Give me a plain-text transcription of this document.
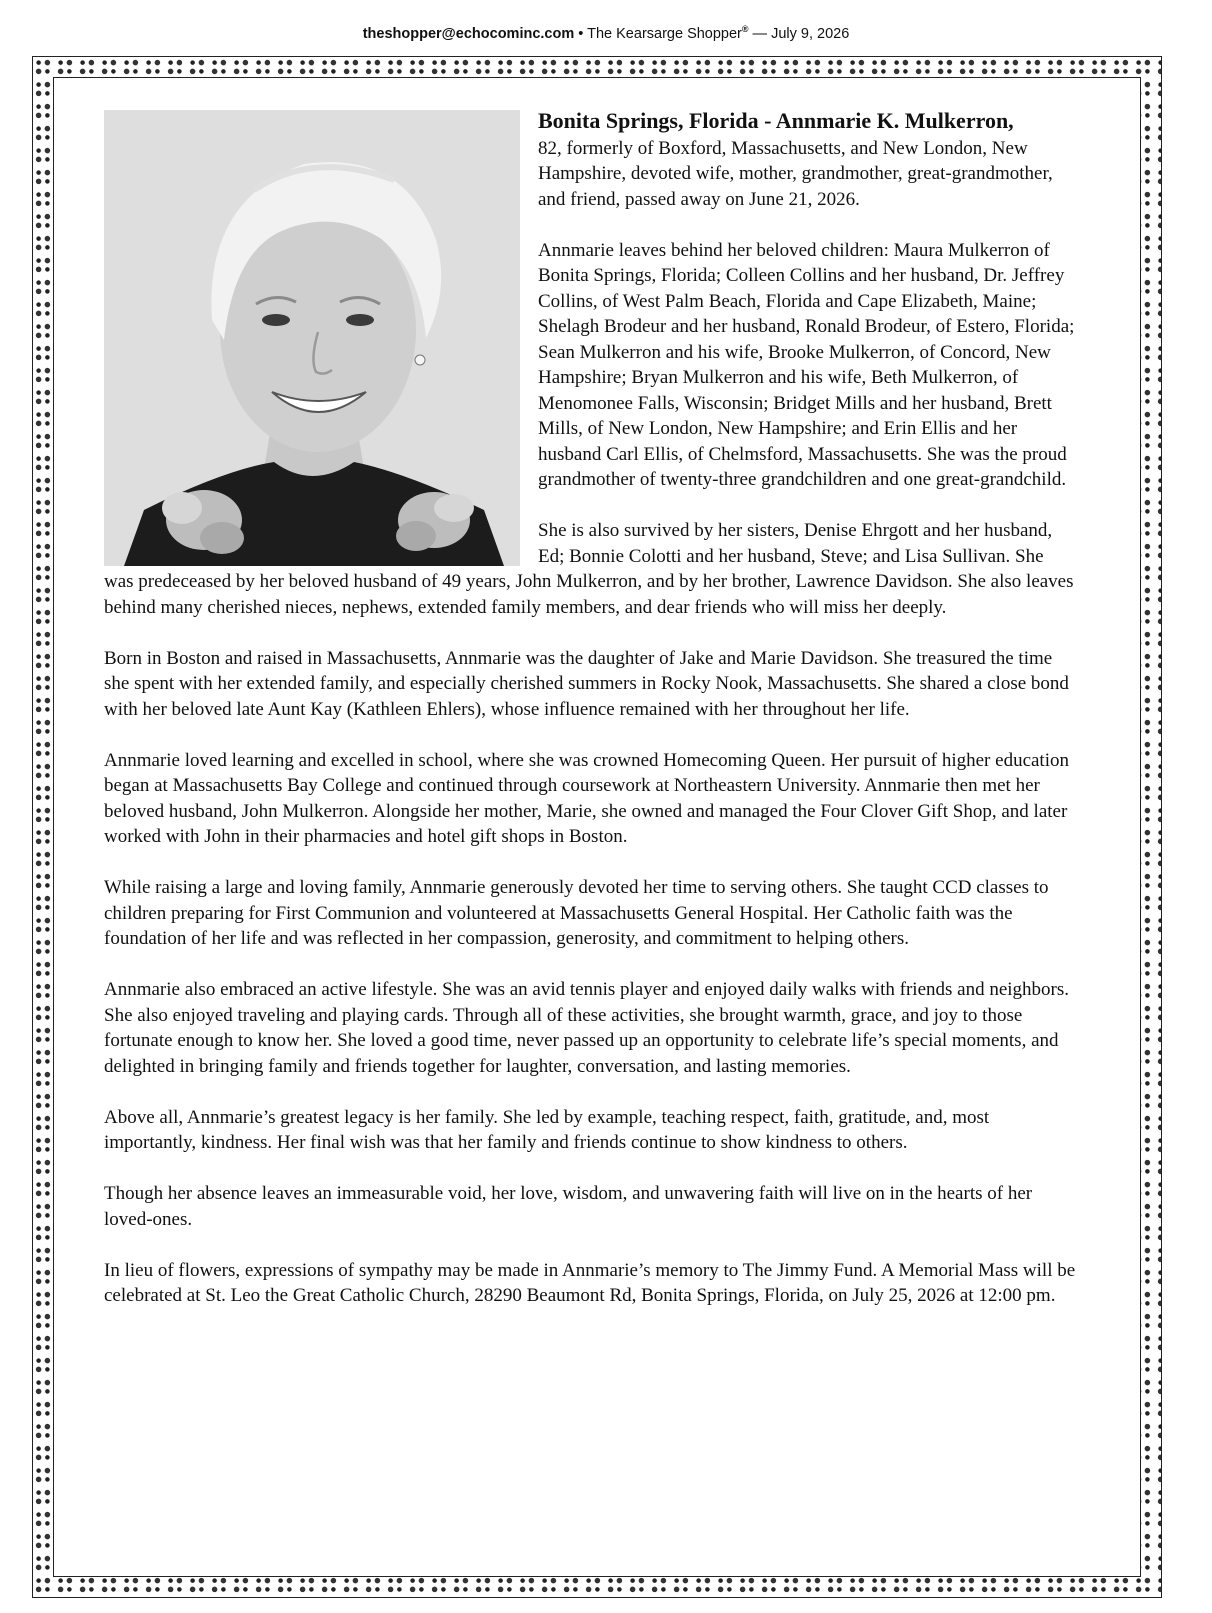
theshopper@echocominc.com • The Kearsarge Shopper® — July 9, 2026

Bonita Springs, Florida - Annmarie K. Mulkerron,
82, formerly of Boxford, Massachusetts, and New London, New Hampshire, devoted wife, mother, grandmother, great-grandmother, and friend, passed away on June 21, 2026.

Annmarie leaves behind her beloved children: Maura Mulkerron of Bonita Springs, Florida; Colleen Collins and her husband, Dr. Jeffrey Collins, of West Palm Beach, Florida and Cape Elizabeth, Maine; Shelagh Brodeur and her husband, Ronald Brodeur, of Estero, Florida; Sean Mulkerron and his wife, Brooke Mulkerron, of Concord, New Hampshire; Bryan Mulkerron and his wife, Beth Mulkerron, of Menomonee Falls, Wisconsin; Bridget Mills and her husband, Brett Mills, of New London, New Hampshire; and Erin Ellis and her husband Carl Ellis, of Chelmsford, Massachusetts. She was the proud grandmother of twenty-three grandchildren and one great-grandchild.

She is also survived by her sisters, Denise Ehrgott and her husband, Ed; Bonnie Colotti and her husband, Steve; and Lisa Sullivan. She was predeceased by her beloved husband of 49 years, John Mulkerron, and by her brother, Lawrence Davidson. She also leaves behind many cherished nieces, nephews, extended family members, and dear friends who will miss her deeply.

Born in Boston and raised in Massachusetts, Annmarie was the daughter of Jake and Marie Davidson. She treasured the time she spent with her extended family, and especially cherished summers in Rocky Nook, Massachusetts. She shared a close bond with her beloved late Aunt Kay (Kathleen Ehlers), whose influence remained with her throughout her life.

Annmarie loved learning and excelled in school, where she was crowned Homecoming Queen. Her pursuit of higher education began at Massachusetts Bay College and continued through coursework at Northeastern University. Annmarie then met her beloved husband, John Mulkerron. Alongside her mother, Marie, she owned and managed the Four Clover Gift Shop, and later worked with John in their pharmacies and hotel gift shops in Boston.

While raising a large and loving family, Annmarie generously devoted her time to serving others. She taught CCD classes to children preparing for First Communion and volunteered at Massachusetts General Hospital. Her Catholic faith was the foundation of her life and was reflected in her compassion, generosity, and commitment to helping others.

Annmarie also embraced an active lifestyle. She was an avid tennis player and enjoyed daily walks with friends and neighbors. She also enjoyed traveling and playing cards. Through all of these activities, she brought warmth, grace, and joy to those fortunate enough to know her. She loved a good time, never passed up an opportunity to celebrate life’s special moments, and delighted in bringing family and friends together for laughter, conversation, and lasting memories.

Above all, Annmarie’s greatest legacy is her family. She led by example, teaching respect, faith, gratitude, and, most importantly, kindness. Her final wish was that her family and friends continue to show kindness to others.

Though her absence leaves an immeasurable void, her love, wisdom, and unwavering faith will live on in the hearts of her loved-ones.

In lieu of flowers, expressions of sympathy may be made in Annmarie’s memory to The Jimmy Fund. A Memorial Mass will be celebrated at St. Leo the Great Catholic Church, 28290 Beaumont Rd, Bonita Springs, Florida, on July 25, 2026 at 12:00 pm.
